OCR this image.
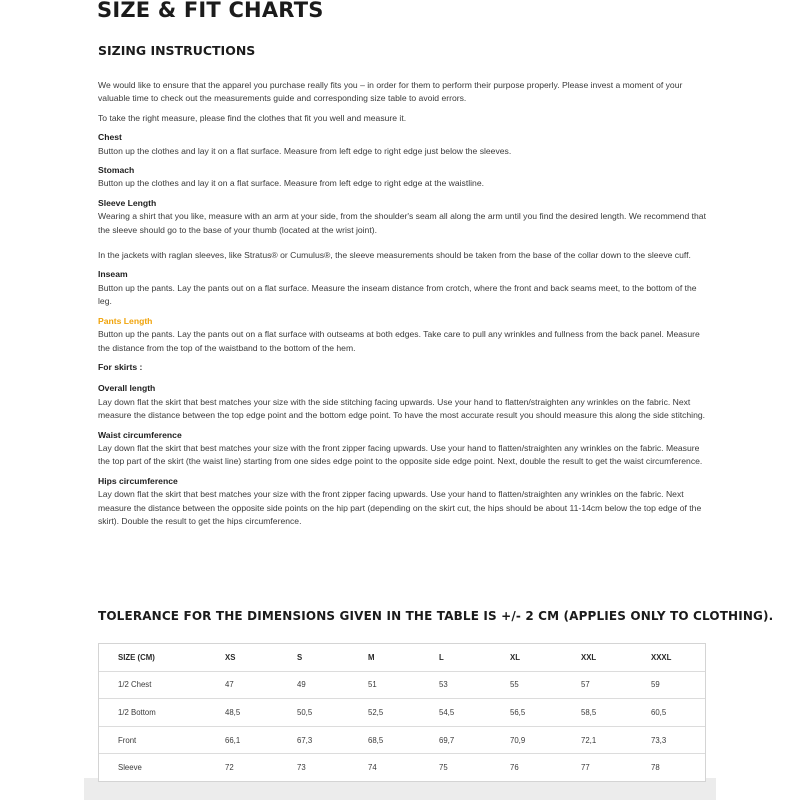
SIZE & FIT CHARTS
SIZING INSTRUCTIONS

We would like to ensure that the apparel you purchase really fits you – in order for them to perform their purpose properly. Please invest a moment of your valuable time to check out the measurements guide and corresponding size table to avoid errors.

To take the right measure, please find the clothes that fit you well and measure it.

Chest

Button up the clothes and lay it on a flat surface. Measure from left edge to right edge just below the sleeves.

Stomach

Button up the clothes and lay it on a flat surface. Measure from left edge to right edge at the waistline.

Sleeve Length

Wearing a shirt that you like, measure with an arm at your side, from the shoulder's seam all along the arm until you find the desired length. We recommend that the sleeve should go to the base of your thumb (located at the wrist joint).

In the jackets with raglan sleeves, like Stratus® or Cumulus®, the sleeve measurements should be taken from the base of the collar down to the sleeve cuff.

Inseam

Button up the pants. Lay the pants out on a flat surface. Measure the inseam distance from crotch, where the front and back seams meet, to the bottom of the leg.

Pants Length

Button up the pants. Lay the pants out on a flat surface with outseams at both edges. Take care to pull any wrinkles and fullness from the back panel. Measure the distance from the top of the waistband to the bottom of the hem.

For skirts :

Overall length

Lay down flat the skirt that best matches your size with the side stitching facing upwards. Use your hand to flatten/straighten any wrinkles on the fabric. Next measure the distance between the top edge point and the bottom edge point. To have the most accurate result you should measure this along the side stitching.

Waist circumference

Lay down flat the skirt that best matches your size with the front zipper facing upwards. Use your hand to flatten/straighten any wrinkles on the fabric. Measure the top part of the skirt (the waist line) starting from one sides edge point to the opposite side edge point. Next, double the result to get the waist circumference.

Hips circumference

Lay down flat the skirt that best matches your size with the front zipper facing upwards. Use your hand to flatten/straighten any wrinkles on the fabric. Next measure the distance between the opposite side points on the hip part (depending on the skirt cut, the hips should be about 11-14cm below the top edge of the skirt). Double the result to get the hips circumference.

TOLERANCE FOR THE DIMENSIONS GIVEN IN THE TABLE IS +/- 2 CM (APPLIES ONLY TO CLOTHING).
SIZE (CM)	XS	S	M	L	XL	XXL	XXXL
1/2 Chest	47	49	51	53	55	57	59
1/2 Bottom	48,5	50,5	52,5	54,5	56,5	58,5	60,5
Front	66,1	67,3	68,5	69,7	70,9	72,1	73,3
Sleeve	72	73	74	75	76	77	78
